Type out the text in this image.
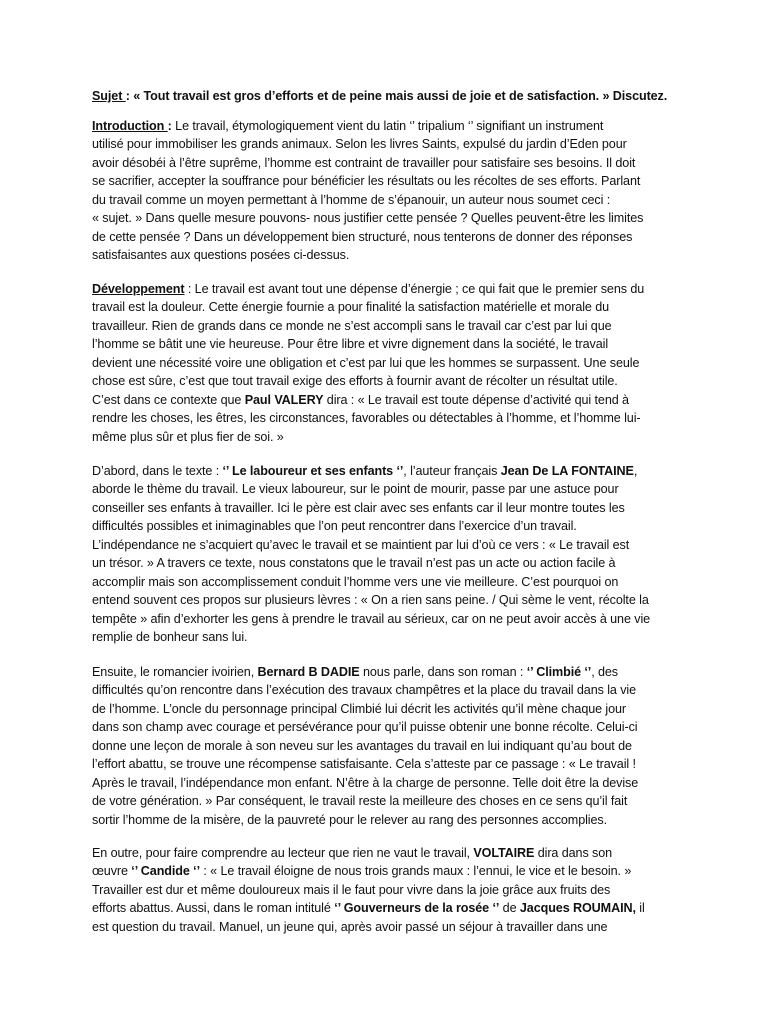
Sujet : « Tout travail est gros d’efforts et de peine mais aussi de joie et de satisfaction. » Discutez.
Introduction : Le travail, étymologiquement vient du latin ‘’ tripalium ‘’ signifiant un instrument
utilisé pour immobiliser les grands animaux. Selon les livres Saints, expulsé du jardin d’Eden pour
avoir désobéi à l’être suprême, l’homme est contraint de travailler pour satisfaire ses besoins. Il doit
se sacrifier, accepter la souffrance pour bénéficier les résultats ou les récoltes de ses efforts. Parlant
du travail comme un moyen permettant à l’homme de s’épanouir, un auteur nous soumet ceci :
« sujet. » Dans quelle mesure pouvons- nous justifier cette pensée ? Quelles peuvent-être les limites
de cette pensée ? Dans un développement bien structuré, nous tenterons de donner des réponses
satisfaisantes aux questions posées ci-dessus.
Développement : Le travail est avant tout une dépense d’énergie ; ce qui fait que le premier sens du
travail est la douleur. Cette énergie fournie a pour finalité la satisfaction matérielle et morale du
travailleur. Rien de grands dans ce monde ne s’est accompli sans le travail car c’est par lui que
l’homme se bâtit une vie heureuse. Pour être libre et vivre dignement dans la société, le travail
devient une nécessité voire une obligation et c’est par lui que les hommes se surpassent. Une seule
chose est sûre, c’est que tout travail exige des efforts à fournir avant de récolter un résultat utile.
C’est dans ce contexte que Paul VALERY dira : « Le travail est toute dépense d’activité qui tend à
rendre les choses, les êtres, les circonstances, favorables ou détectables à l’homme, et l’homme lui-
même plus sûr et plus fier de soi. »
D’abord, dans le texte : ‘’ Le laboureur et ses enfants ‘’, l’auteur français Jean De LA FONTAINE,
aborde le thème du travail. Le vieux laboureur, sur le point de mourir, passe par une astuce pour
conseiller ses enfants à travailler. Ici le père est clair avec ses enfants car il leur montre toutes les
difficultés possibles et inimaginables que l’on peut rencontrer dans l’exercice d’un travail.
L’indépendance ne s’acquiert qu’avec le travail et se maintient par lui d’où ce vers : « Le travail est
un trésor. » A travers ce texte, nous constatons que le travail n’est pas un acte ou action facile à
accomplir mais son accomplissement conduit l’homme vers une vie meilleure. C’est pourquoi on
entend souvent ces propos sur plusieurs lèvres : « On a rien sans peine. / Qui sème le vent, récolte la
tempête » afin d’exhorter les gens à prendre le travail au sérieux, car on ne peut avoir accès à une vie
remplie de bonheur sans lui.
Ensuite, le romancier ivoirien, Bernard B DADIE nous parle, dans son roman : ‘’ Climbié ‘’, des
difficultés qu’on rencontre dans l’exécution des travaux champêtres et la place du travail dans la vie
de l’homme. L’oncle du personnage principal Climbié lui décrit les activités qu’il mène chaque jour
dans son champ avec courage et persévérance pour qu’il puisse obtenir une bonne récolte. Celui-ci
donne une leçon de morale à son neveu sur les avantages du travail en lui indiquant qu’au bout de
l’effort abattu, se trouve une récompense satisfaisante. Cela s’atteste par ce passage : « Le travail !
Après le travail, l’indépendance mon enfant. N’être à la charge de personne. Telle doit être la devise
de votre génération. » Par conséquent, le travail reste la meilleure des choses en ce sens qu’il fait
sortir l’homme de la misère, de la pauvreté pour le relever au rang des personnes accomplies.
En outre, pour faire comprendre au lecteur que rien ne vaut le travail, VOLTAIRE dira dans son
œuvre ‘’ Candide ‘’ : « Le travail éloigne de nous trois grands maux : l’ennui, le vice et le besoin. »
Travailler est dur et même douloureux mais il le faut pour vivre dans la joie grâce aux fruits des
efforts abattus. Aussi, dans le roman intitulé ‘’ Gouverneurs de la rosée ‘’ de Jacques ROUMAIN, il
est question du travail. Manuel, un jeune qui, après avoir passé un séjour à travailler dans une
